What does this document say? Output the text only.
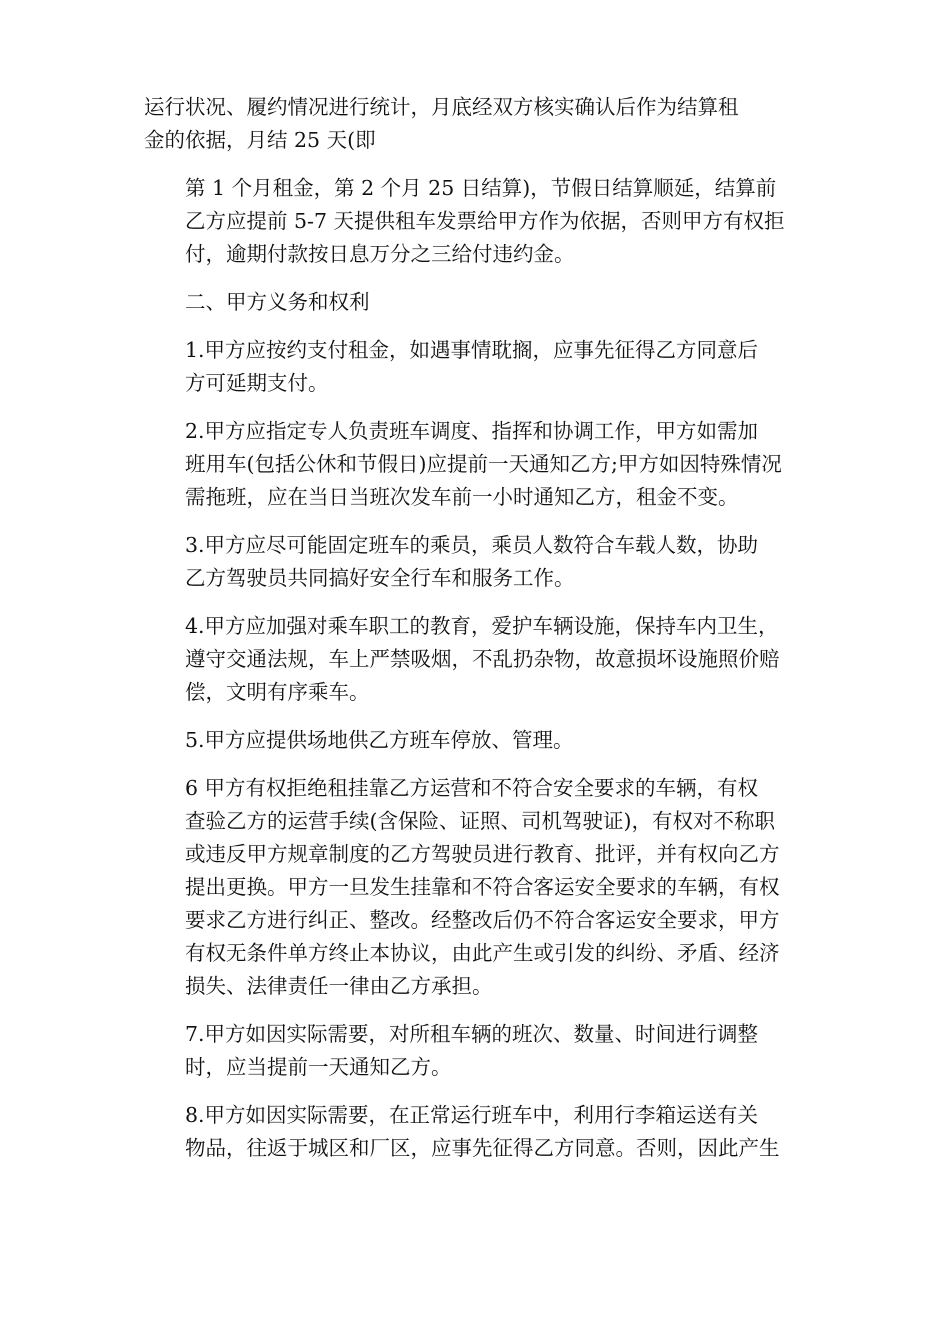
运行状况、履约情况进行统计，月底经双方核实确认后作为结算租
金的依据，月结 25 天(即

第 1 个月租金，第 2 个月 25 日结算)，节假日结算顺延，结算前
乙方应提前 5-7 天提供租车发票给甲方作为依据，否则甲方有权拒
付，逾期付款按日息万分之三给付违约金。

二、甲方义务和权利

1.甲方应按约支付租金，如遇事情耽搁，应事先征得乙方同意后
方可延期支付。

2.甲方应指定专人负责班车调度、指挥和协调工作，甲方如需加
班用车(包括公休和节假日)应提前一天通知乙方;甲方如因特殊情况
需拖班，应在当日当班次发车前一小时通知乙方，租金不变。

3.甲方应尽可能固定班车的乘员，乘员人数符合车载人数，协助
乙方驾驶员共同搞好安全行车和服务工作。

4.甲方应加强对乘车职工的教育，爱护车辆设施，保持车内卫生，
遵守交通法规，车上严禁吸烟，不乱扔杂物，故意损坏设施照价赔
偿，文明有序乘车。

5.甲方应提供场地供乙方班车停放、管理。

6 甲方有权拒绝租挂靠乙方运营和不符合安全要求的车辆，有权
查验乙方的运营手续(含保险、证照、司机驾驶证)，有权对不称职
或违反甲方规章制度的乙方驾驶员进行教育、批评，并有权向乙方
提出更换。甲方一旦发生挂靠和不符合客运安全要求的车辆，有权
要求乙方进行纠正、整改。经整改后仍不符合客运安全要求，甲方
有权无条件单方终止本协议，由此产生或引发的纠纷、矛盾、经济
损失、法律责任一律由乙方承担。

7.甲方如因实际需要，对所租车辆的班次、数量、时间进行调整
时，应当提前一天通知乙方。

8.甲方如因实际需要，在正常运行班车中，利用行李箱运送有关
物品，往返于城区和厂区，应事先征得乙方同意。否则，因此产生
